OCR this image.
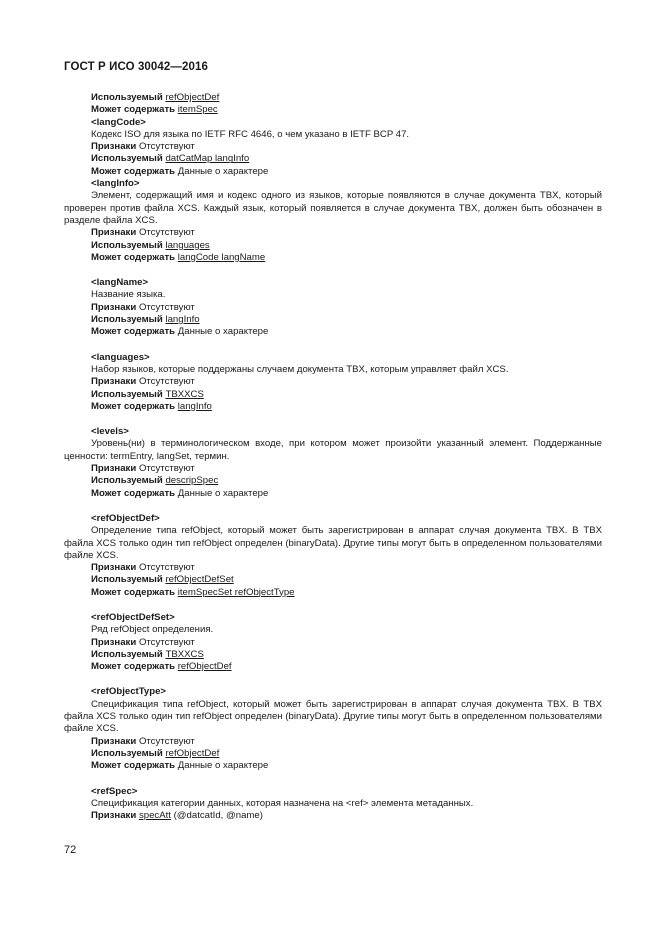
ГОСТ Р ИСО 30042—2016
Используемый refObjectDef
Может содержать itemSpec
<langCode>
Кодекс ISO для языка по IETF RFC 4646, о чем указано в IETF BCP 47.
Признаки Отсутствуют
Используемый datCatMap langInfo
Может содержать Данные о характере
<langInfo>
Элемент, содержащий имя и кодекс одного из языков, которые появляются в случае документа TBX, который проверен против файла XCS. Каждый язык, который появляется в случае документа TBX, должен быть обозначен в разделе файла XCS.
Признаки Отсутствуют
Используемый languages
Может содержать langCode langName
<langName>
Название языка.
Признаки Отсутствуют
Используемый langInfo
Может содержать Данные о характере
<languages>
Набор языков, которые поддержаны случаем документа TBX, которым управляет файл XCS.
Признаки Отсутствуют
Используемый TBXXCS
Может содержать langInfo
<levels>
Уровень(ни) в терминологическом входе, при котором может произойти указанный элемент. Поддержанные ценности: termEntry, langSet, термин.
Признаки Отсутствуют
Используемый descripSpec
Может содержать Данные о характере
<refObjectDef>
Определение типа refObject, который может быть зарегистрирован в аппарат случая документа TBX. В TBX файла XCS только один тип refObject определен (binaryData). Другие типы могут быть в определенном пользователями файле XCS.
Признаки Отсутствуют
Используемый refObjectDefSet
Может содержать itemSpecSet refObjectType
<refObjectDefSet>
Ряд refObject определения.
Признаки Отсутствуют
Используемый TBXXCS
Может содержать refObjectDef
<refObjectType>
Спецификация типа refObject, который может быть зарегистрирован в аппарат случая документа TBX. В TBX файла XCS только один тип refObject определен (binaryData). Другие типы могут быть в определенном пользователями файле XCS.
Признаки Отсутствуют
Используемый refObjectDef
Может содержать Данные о характере
<refSpec>
Спецификация категории данных, которая назначена на <ref> элемента метаданных.
Признаки specAtt (@datcatId, @name)
72
